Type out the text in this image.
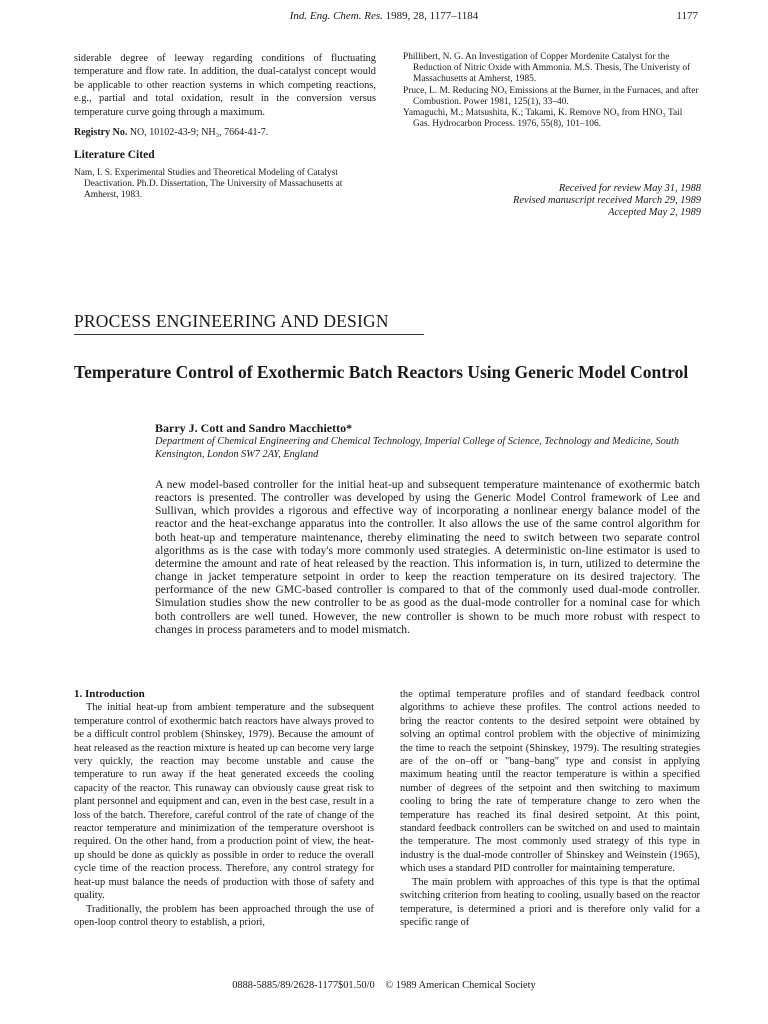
Ind. Eng. Chem. Res. 1989, 28, 1177–1184	1177

siderable degree of leeway regarding conditions of fluctuating temperature and flow rate. In addition, the dual-catalyst concept would be applicable to other reaction systems in which competing reactions, e.g., partial and total oxidation, result in the conversion versus temperature curve going through a maximum.

Registry No. NO, 10102-43-9; NH₃, 7664-41-7.

Literature Cited

Nam, I. S. Experimental Studies and Theoretical Modeling of Catalyst Deactivation. Ph.D. Dissertation, The University of Massachusetts at Amherst, 1983.

Phillibert, N. G. An Investigation of Copper Mordenite Catalyst for the Reduction of Nitric Oxide with Ammonia. M.S. Thesis, The Univeristy of Massachusetts at Amherst, 1985.

Pruce, L. M. Reducing NOₓ Emissions at the Burner, in the Furnaces, and after Combustion. Power 1981, 125(1), 33–40.

Yamaguchi, M.; Matsushita, K.; Takami, K. Remove NOₓ from HNO₃ Tail Gas. Hydrocarbon Process. 1976, 55(8), 101–106.

Received for review May 31, 1988
Revised manuscript received March 29, 1989
Accepted May 2, 1989
PROCESS ENGINEERING AND DESIGN
Temperature Control of Exothermic Batch Reactors Using Generic Model Control
Barry J. Cott and Sandro Macchietto*
Department of Chemical Engineering and Chemical Technology, Imperial College of Science, Technology and Medicine, South Kensington, London SW7 2AY, England
A new model-based controller for the initial heat-up and subsequent temperature maintenance of exothermic batch reactors is presented. The controller was developed by using the Generic Model Control framework of Lee and Sullivan, which provides a rigorous and effective way of incorporating a nonlinear energy balance model of the reactor and the heat-exchange apparatus into the controller. It also allows the use of the same control algorithm for both heat-up and temperature maintenance, thereby eliminating the need to switch between two separate control algorithms as is the case with today's more commonly used strategies. A deterministic on-line estimator is used to determine the amount and rate of heat released by the reaction. This information is, in turn, utilized to determine the change in jacket temperature setpoint in order to keep the reaction temperature on its desired trajectory. The performance of the new GMC-based controller is compared to that of the commonly used dual-mode controller. Simulation studies show the new controller to be as good as the dual-mode controller for a nominal case for which both controllers are well tuned. However, the new controller is shown to be much more robust with respect to changes in process parameters and to model mismatch.

1. Introduction

The initial heat-up from ambient temperature and the subsequent temperature control of exothermic batch reactors have always proved to be a difficult control problem (Shinskey, 1979). Because the amount of heat released as the reaction mixture is heated up can become very large very quickly, the reaction may become unstable and cause the temperature to run away if the heat generated exceeds the cooling capacity of the reactor. This runaway can obviously cause great risk to plant personnel and equipment and can, even in the best case, result in a loss of the batch. Therefore, careful control of the rate of change of the reactor temperature and minimization of the temperature overshoot is required. On the other hand, from a production point of view, the heat-up should be done as quickly as possible in order to reduce the overall cycle time of the reaction process. Therefore, any control strategy for heat-up must balance the needs of production with those of safety and quality.

Traditionally, the problem has been approached through the use of open-loop control theory to establish, a priori,

the optimal temperature profiles and of standard feedback control algorithms to achieve these profiles. The control actions needed to bring the reactor contents to the desired setpoint were obtained by solving an optimal control problem with the objective of minimizing the time to reach the setpoint (Shinskey, 1979). The resulting strategies are of the on–off or "bang–bang" type and consist in applying maximum heating until the reactor temperature is within a specified number of degrees of the setpoint and then switching to maximum cooling to bring the rate of temperature change to zero when the temperature has reached its final desired setpoint. At this point, standard feedback controllers can be switched on and used to maintain the temperature. The most commonly used strategy of this type in industry is the dual-mode controller of Shinskey and Weinstein (1965), which uses a standard PID controller for maintaining temperature.

The main problem with approaches of this type is that the optimal switching criterion from heating to cooling, usually based on the reactor temperature, is determined a priori and is therefore only valid for a specific range of

0888-5885/89/2628-1177$01.50/0 © 1989 American Chemical Society
